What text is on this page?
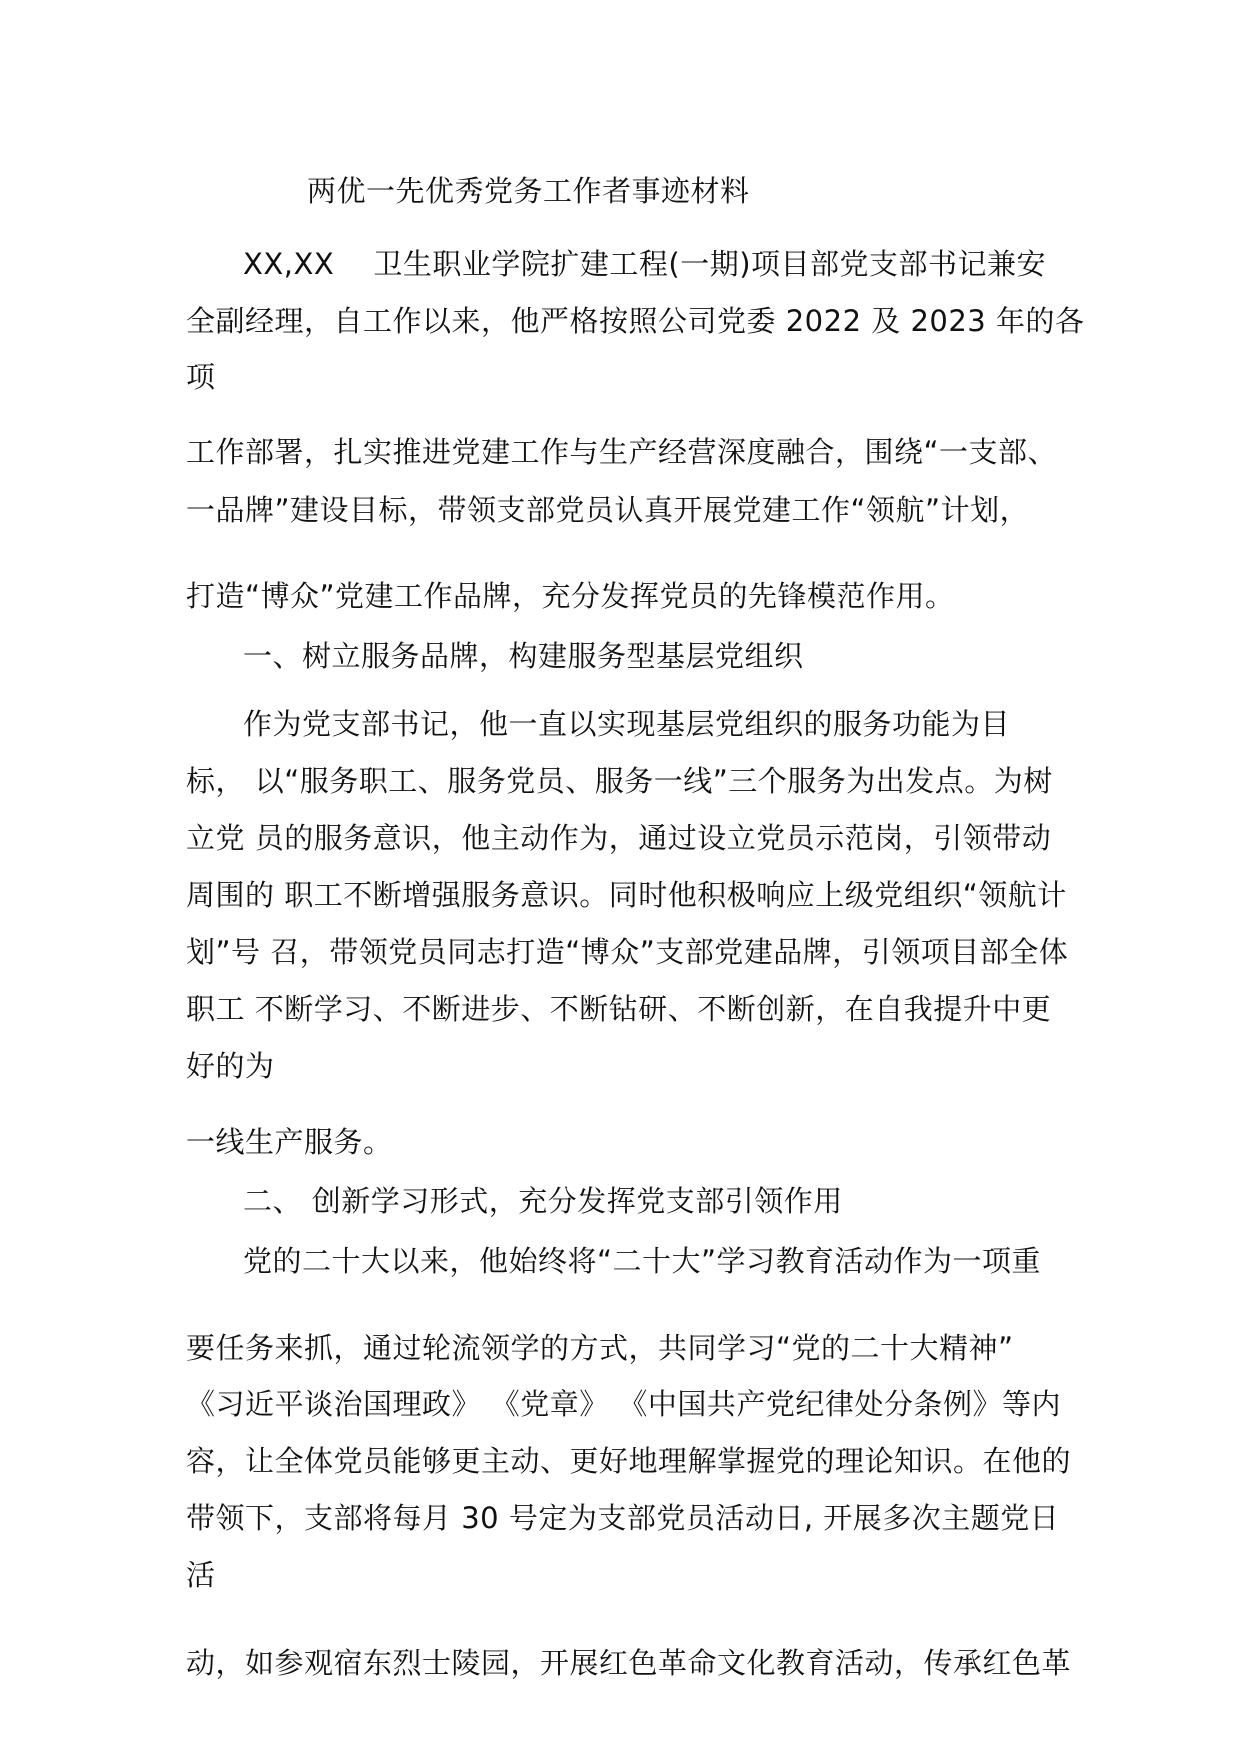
两优一先优秀党务工作者事迹材料
XX,XX　 卫生职业学院扩建工程(一期)项目部党支部书记兼安
全副经理，自工作以来，他严格按照公司党委 2022 及 2023 年的各
项
工作部署，扎实推进党建工作与生产经营深度融合，围绕“一支部、
一品牌”建设目标，带领支部党员认真开展党建工作“领航”计划，
打造“博众”党建工作品牌，充分发挥党员的先锋模范作用。
一、树立服务品牌，构建服务型基层党组织
作为党支部书记，他一直以实现基层党组织的服务功能为目
标， 以“服务职工、服务党员、服务一线”三个服务为出发点。为树
立党 员的服务意识，他主动作为，通过设立党员示范岗，引领带动
周围的 职工不断增强服务意识。同时他积极响应上级党组织“领航计
划”号 召，带领党员同志打造“博众”支部党建品牌，引领项目部全体
职工 不断学习、不断进步、不断钻研、不断创新，在自我提升中更
好的为
一线生产服务。
二、 创新学习形式，充分发挥党支部引领作用
党的二十大以来，他始终将“二十大”学习教育活动作为一项重
要任务来抓，通过轮流领学的方式，共同学习“党的二十大精神”
《习近平谈治国理政》 《党章》 《中国共产党纪律处分条例》等内
容，让全体党员能够更主动、更好地理解掌握党的理论知识。在他的
带领下，支部将每月 30 号定为支部党员活动日, 开展多次主题党日
活
动，如参观宿东烈士陵园，开展红色革命文化教育活动，传承红色革
